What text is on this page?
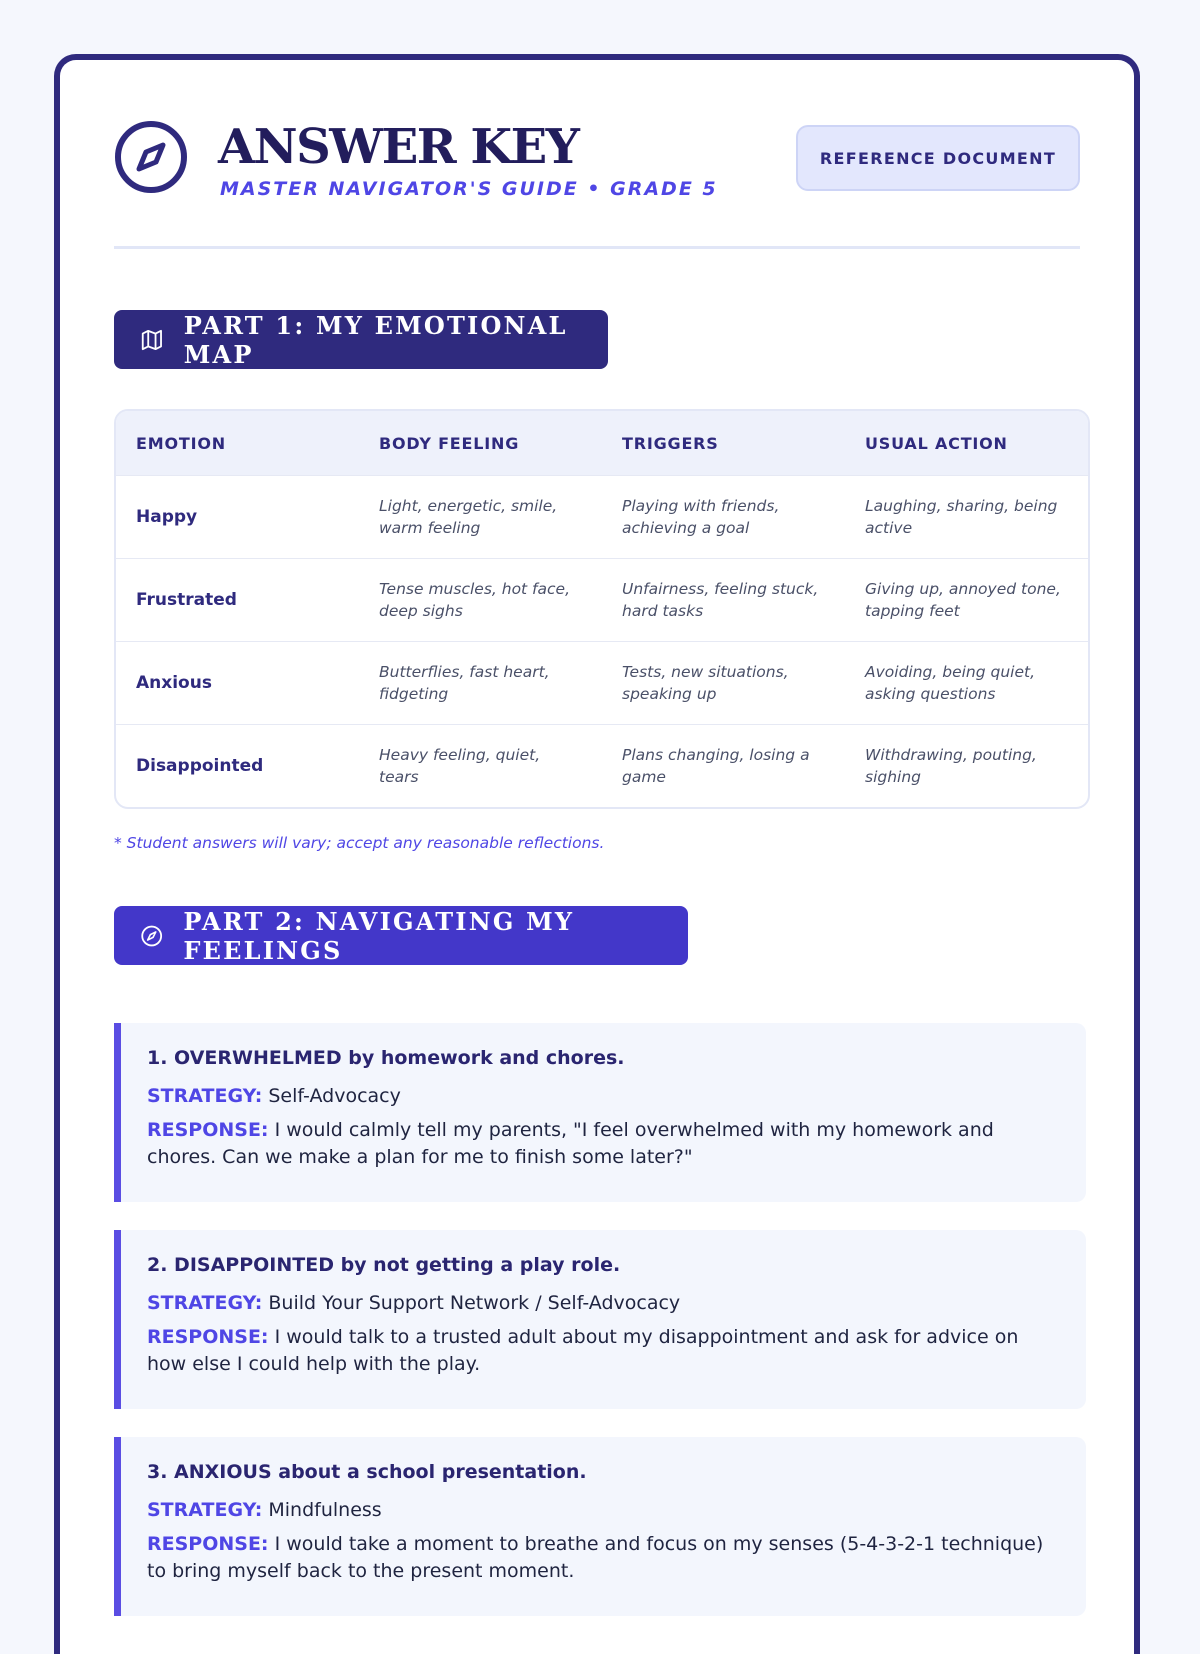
ANSWER KEY
MASTER NAVIGATOR'S GUIDE • GRADE 5
REFERENCE DOCUMENT
PART 1: MY EMOTIONAL MAP
EMOTION	BODY FEELING	TRIGGERS	USUAL ACTION
Happy	Light, energetic, smile, warm feeling	Playing with friends, achieving a goal	Laughing, sharing, being active
Frustrated	Tense muscles, hot face, deep sighs	Unfairness, feeling stuck, hard tasks	Giving up, annoyed tone, tapping feet
Anxious	Butterflies, fast heart, fidgeting	Tests, new situations, speaking up	Avoiding, being quiet, asking questions
Disappointed	Heavy feeling, quiet, tears	Plans changing, losing a game	Withdrawing, pouting, sighing
* Student answers will vary; accept any reasonable reflections.
PART 2: NAVIGATING MY FEELINGS

1. OVERWHELMED by homework and chores.

STRATEGY: Self-Advocacy

RESPONSE: I would calmly tell my parents, "I feel overwhelmed with my homework and chores. Can we make a plan for me to finish some later?"

2. DISAPPOINTED by not getting a play role.

STRATEGY: Build Your Support Network / Self-Advocacy

RESPONSE: I would talk to a trusted adult about my disappointment and ask for advice on how else I could help with the play.

3. ANXIOUS about a school presentation.

STRATEGY: Mindfulness

RESPONSE: I would take a moment to breathe and focus on my senses (5-4-3-2-1 technique) to bring myself back to the present moment.
